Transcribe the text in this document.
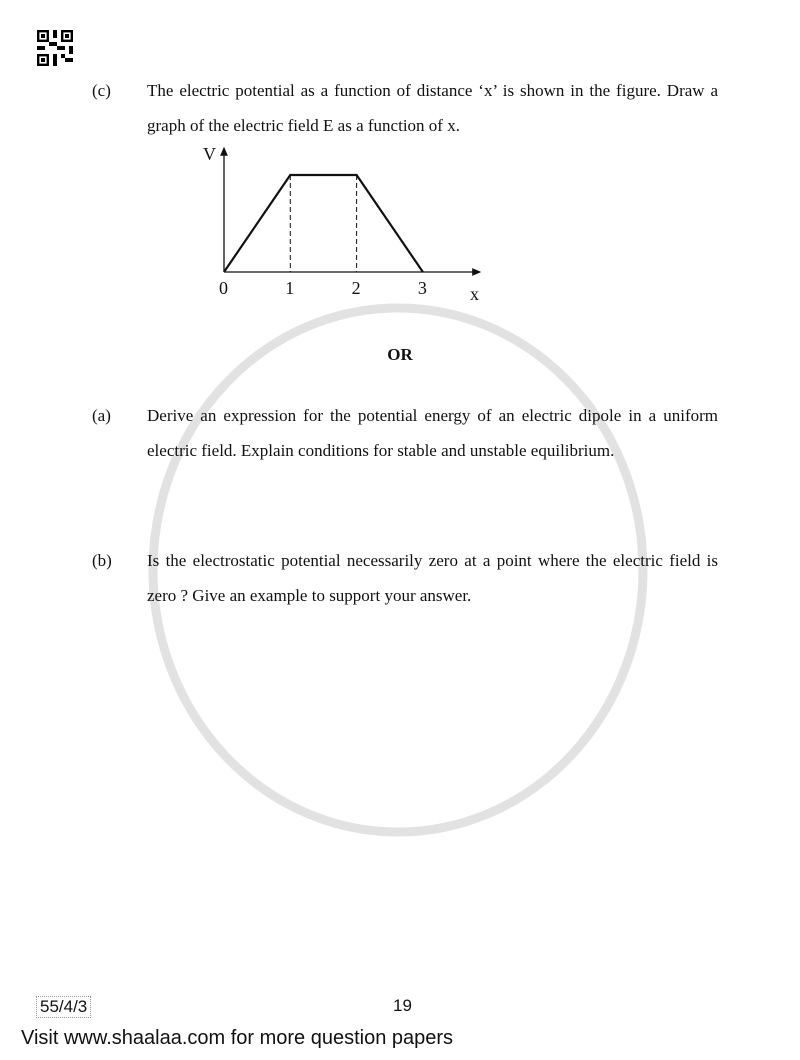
(c) The electric potential as a function of distance ‘x’ is shown in the figure. Draw a graph of the electric field E as a function of x.
V
x
0	1	2	3
OR
(a) Derive an expression for the potential energy of an electric dipole in a uniform electric field. Explain conditions for stable and unstable equilibrium.
(b) Is the electrostatic potential necessarily zero at a point where the electric field is zero ? Give an example to support your answer.
55/4/3	19
Visit www.shaalaa.com for more question papers
